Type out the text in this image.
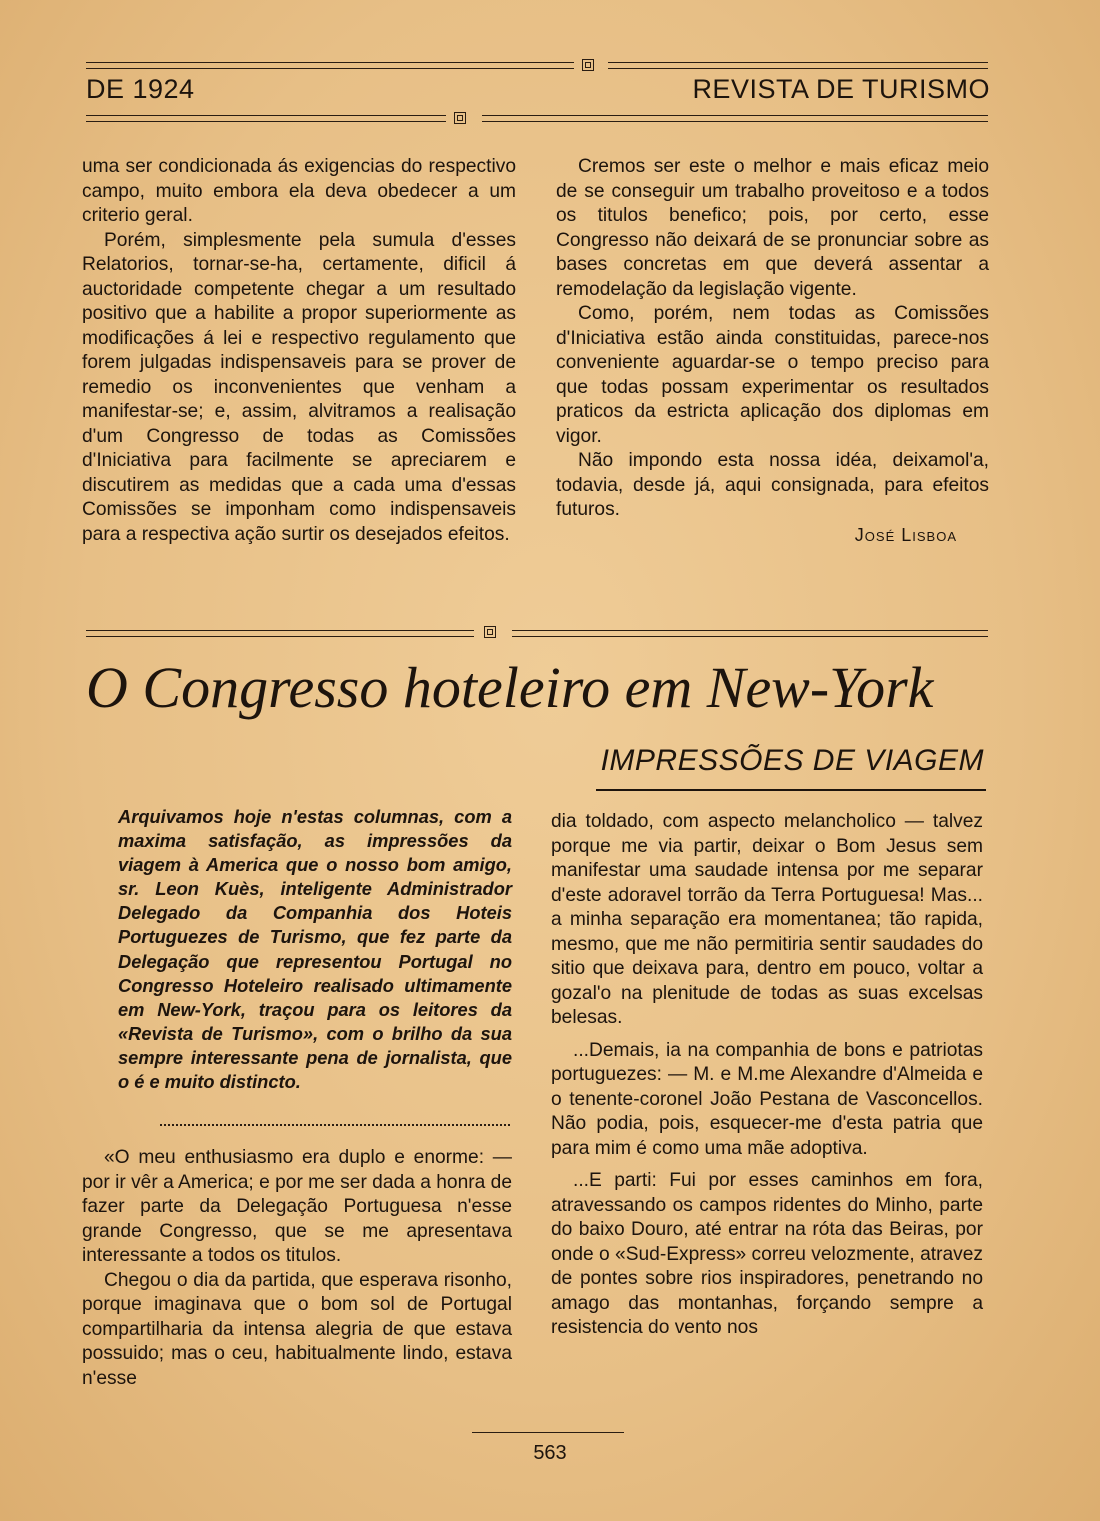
DE 1924	REVISTA DE TURISMO

uma ser condicionada ás exigencias do respectivo campo, muito embora ela deva obedecer a um criterio geral.

Porém, simplesmente pela sumula d'esses Relatorios, tornar-se-ha, certamente, dificil á auctoridade competente chegar a um resultado positivo que a habilite a propor superiormente as modificações á lei e respectivo regulamento que forem julgadas indispensaveis para se prover de remedio os inconvenientes que venham a manifestar-se; e, assim, alvitramos a realisação d'um Congresso de todas as Comissões d'Iniciativa para facilmente se apreciarem e discutirem as medidas que a cada uma d'essas Comissões se imponham como indispensaveis para a respectiva ação surtir os desejados efeitos.

Cremos ser este o melhor e mais eficaz meio de se conseguir um trabalho proveitoso e a todos os titulos benefico; pois, por certo, esse Congresso não deixará de se pronunciar sobre as bases concretas em que deverá assentar a remodelação da legislação vigente.

Como, porém, nem todas as Comissões d'Iniciativa estão ainda constituidas, parece-nos conveniente aguardar-se o tempo preciso para que todas possam experimentar os resultados praticos da estricta aplicação dos diplomas em vigor.

Não impondo esta nossa idéa, deixamol'a, todavia, desde já, aqui consignada, para efeitos futuros.

José Lisboa

O Congresso hoteleiro em New-York
IMPRESSÕES DE VIAGEM

Arquivamos hoje n'estas columnas, com a maxima satisfação, as impressões da viagem à America que o nosso bom amigo, sr. Leon Kuès, inteligente Administrador Delegado da Companhia dos Hoteis Portuguezes de Turismo, que fez parte da Delegação que representou Portugal no Congresso Hoteleiro realisado ultimamente em New-York, traçou para os leitores da «Revista de Turismo», com o brilho da sua sempre interessante pena de jornalista, que o é e muito distincto.

«O meu enthusiasmo era duplo e enorme: — por ir vêr a America; e por me ser dada a honra de fazer parte da Delegação Portuguesa n'esse grande Congresso, que se me apresentava interessante a todos os titulos.

Chegou o dia da partida, que esperava risonho, porque imaginava que o bom sol de Portugal compartilharia da intensa alegria de que estava possuido; mas o ceu, habitualmente lindo, estava n'esse

dia toldado, com aspecto melancholico — talvez porque me via partir, deixar o Bom Jesus sem manifestar uma saudade intensa por me separar d'este adoravel torrão da Terra Portuguesa! Mas... a minha separação era momentanea; tão rapida, mesmo, que me não permitiria sentir saudades do sitio que deixava para, dentro em pouco, voltar a gozal'o na plenitude de todas as suas excelsas belesas.

...Demais, ia na companhia de bons e patriotas portuguezes: — M. e M.me Alexandre d'Almeida e o tenente-coronel João Pestana de Vasconcellos. Não podia, pois, esquecer-me d'esta patria que para mim é como uma mãe adoptiva.

...E parti: Fui por esses caminhos em fora, atravessando os campos ridentes do Minho, parte do baixo Douro, até entrar na róta das Beiras, por onde o «Sud-Express» correu velozmente, atravez de pontes sobre rios inspiradores, penetrando no amago das montanhas, forçando sempre a resistencia do vento nos

563
